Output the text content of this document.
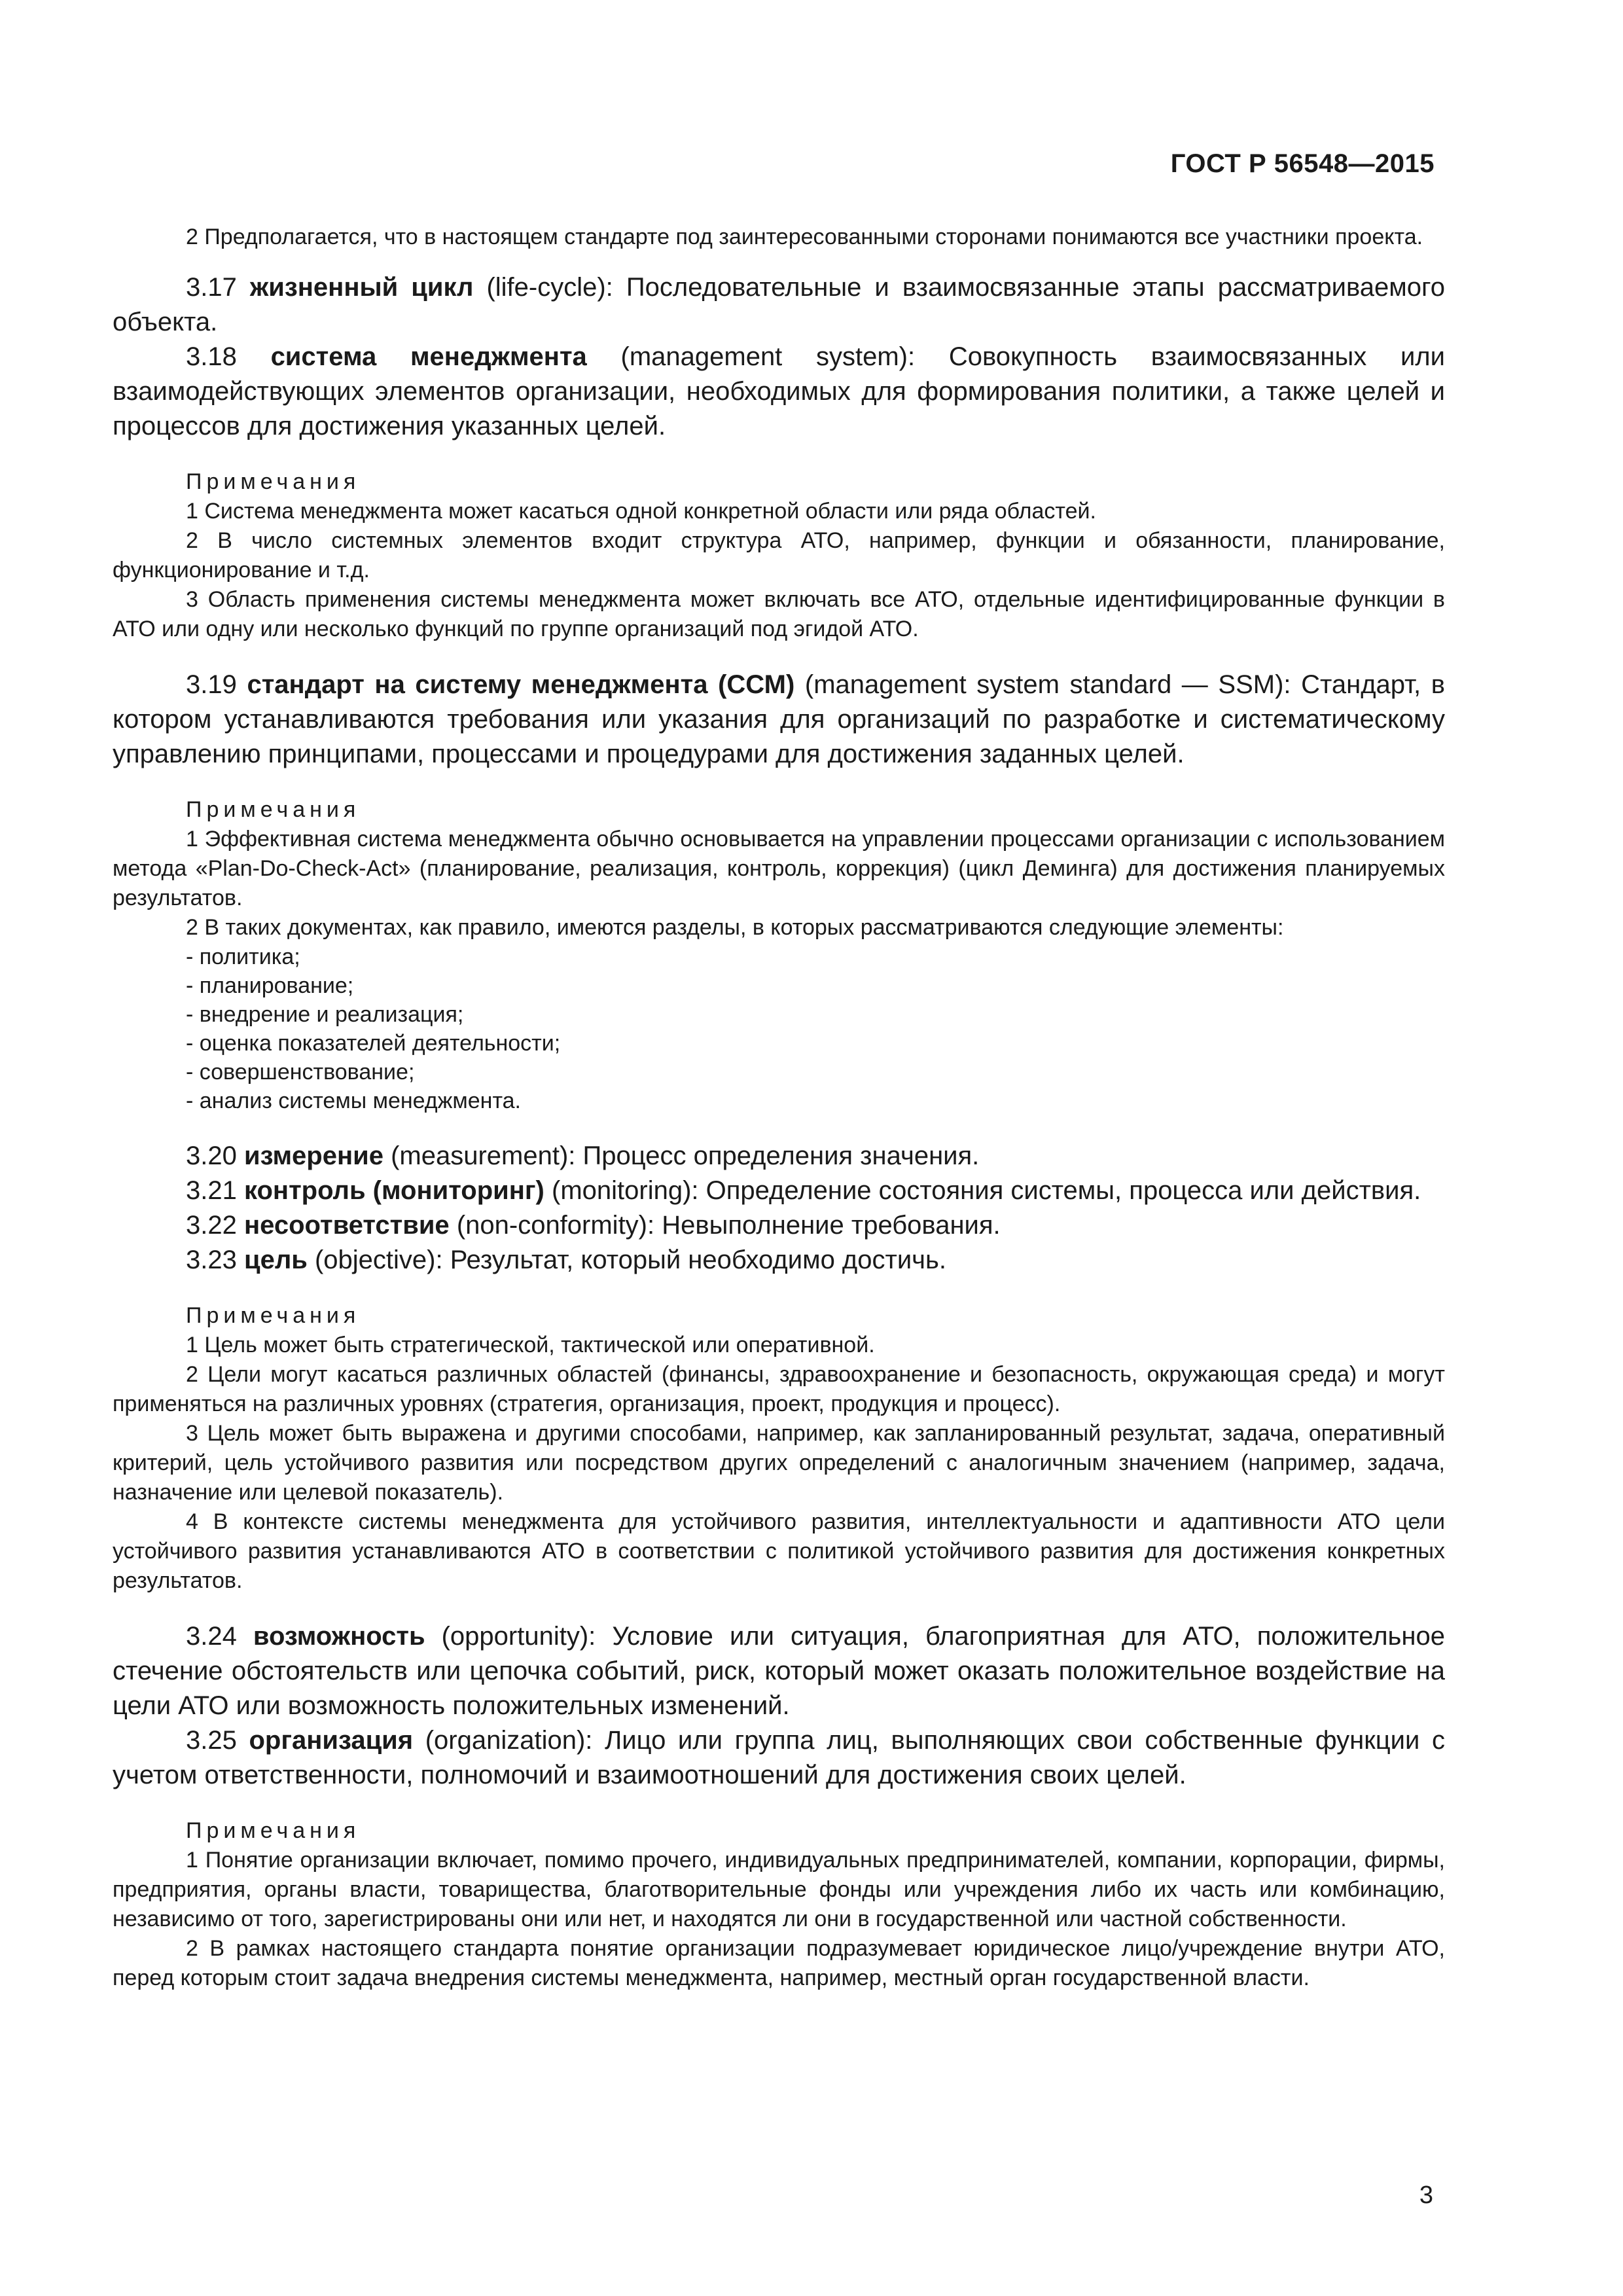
ГОСТ Р 56548—2015

2 Предполагается, что в настоящем стандарте под заинтересованными сторонами понимаются все участники проекта.

3.17 жизненный цикл (life-cycle): Последовательные и взаимосвязанные этапы рассматриваемого объекта.

3.18 система менеджмента (management system): Совокупность взаимосвязанных или взаимодействующих элементов организации, необходимых для формирования политики, а также целей и процессов для достижения указанных целей.

Примечания

1 Система менеджмента может касаться одной конкретной области или ряда областей.

2 В число системных элементов входит структура АТО, например, функции и обязанности, планирование, функционирование и т.д.

3 Область применения системы менеджмента может включать все АТО, отдельные идентифицированные функции в АТО или одну или несколько функций по группе организаций под эгидой АТО.

3.19 стандарт на систему менеджмента (ССМ) (management system standard — SSM): Стандарт, в котором устанавливаются требования или указания для организаций по разработке и систематическому управлению принципами, процессами и процедурами для достижения заданных целей.

Примечания

1 Эффективная система менеджмента обычно основывается на управлении процессами организации с использованием метода «Plan-Do-Check-Act» (планирование, реализация, контроль, коррекция) (цикл Деминга) для достижения планируемых результатов.

2 В таких документах, как правило, имеются разделы, в которых рассматриваются следующие элементы:

- политика;

- планирование;

- внедрение и реализация;

- оценка показателей деятельности;

- совершенствование;

- анализ системы менеджмента.

3.20 измерение (measurement): Процесс определения значения.

3.21 контроль (мониторинг) (monitoring): Определение состояния системы, процесса или действия.

3.22 несоответствие (non-conformity): Невыполнение требования.

3.23 цель (objective): Результат, который необходимо достичь.

Примечания

1 Цель может быть стратегической, тактической или оперативной.

2 Цели могут касаться различных областей (финансы, здравоохранение и безопасность, окружающая среда) и могут применяться на различных уровнях (стратегия, организация, проект, продукция и процесс).

3 Цель может быть выражена и другими способами, например, как запланированный результат, задача, оперативный критерий, цель устойчивого развития или посредством других определений с аналогичным значением (например, задача, назначение или целевой показатель).

4 В контексте системы менеджмента для устойчивого развития, интеллектуальности и адаптивности АТО цели устойчивого развития устанавливаются АТО в соответствии с политикой устойчивого развития для достижения конкретных результатов.

3.24 возможность (opportunity): Условие или ситуация, благоприятная для АТО, положительное стечение обстоятельств или цепочка событий, риск, который может оказать положительное воздействие на цели АТО или возможность положительных изменений.

3.25 организация (organization): Лицо или группа лиц, выполняющих свои собственные функции с учетом ответственности, полномочий и взаимоотношений для достижения своих целей.

Примечания

1 Понятие организации включает, помимо прочего, индивидуальных предпринимателей, компании, корпорации, фирмы, предприятия, органы власти, товарищества, благотворительные фонды или учреждения либо их часть или комбинацию, независимо от того, зарегистрированы они или нет, и находятся ли они в государственной или частной собственности.

2 В рамках настоящего стандарта понятие организации подразумевает юридическое лицо/учреждение внутри АТО, перед которым стоит задача внедрения системы менеджмента, например, местный орган государственной власти.

3
